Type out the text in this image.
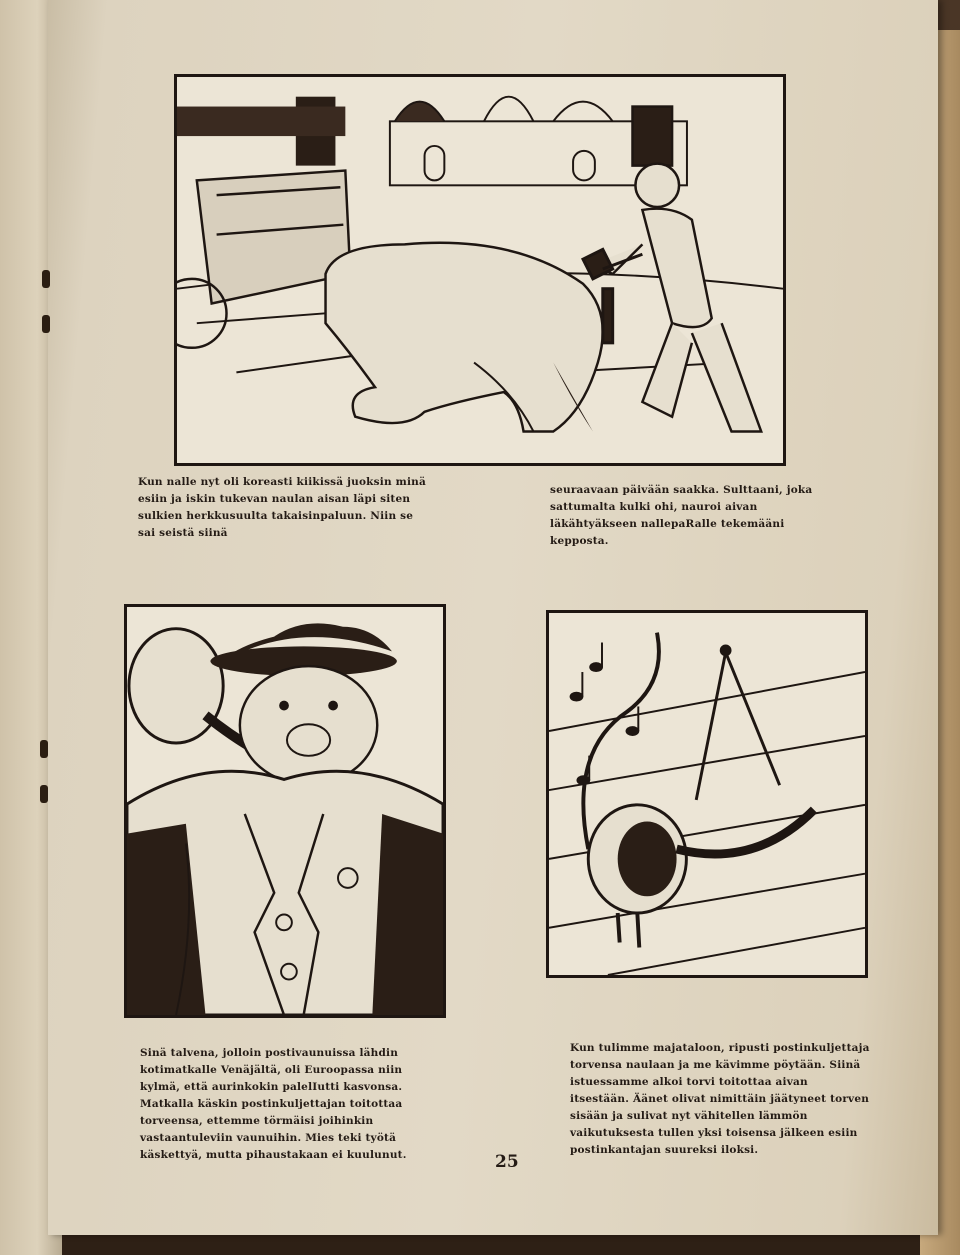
Kun nalle nyt oli koreasti kiikissä juoksin minä esiin ja iskin tukevan naulan aisan läpi siten sulkien herkkusuulta takaisinpaluun. Niin se sai seistä siinä

seuraavaan päivään saakka. Sulttaani, joka sattumalta kulki ohi, nauroi aivan läkähtyäkseen nallepaRalle tekemääni kepposta.

Sinä talvena, jolloin postivaunuissa lähdin kotimatkalle Venäjältä, oli Euroopassa niin kylmä, että aurinkokin palelIutti kasvonsa. Matkalla käskin postinkuljettajan toitottaa torveensa, ettemme törmäisi joihinkin vastaantuleviin vaunuihin. Mies teki työtä käskettyä, mutta pihaustakaan ei kuulunut.

Kun tulimme majataloon, ripusti postinkuljettaja torvensa naulaan ja me kävimme pöytään. Siinä istuessamme alkoi torvi toitottaa aivan itsestään. Äänet olivat nimittäin jäätyneet torven sisään ja sulivat nyt vähitellen lämmön vaikutuksesta tullen yksi toisensa jälkeen esiin postinkantajan suureksi iloksi.

25
